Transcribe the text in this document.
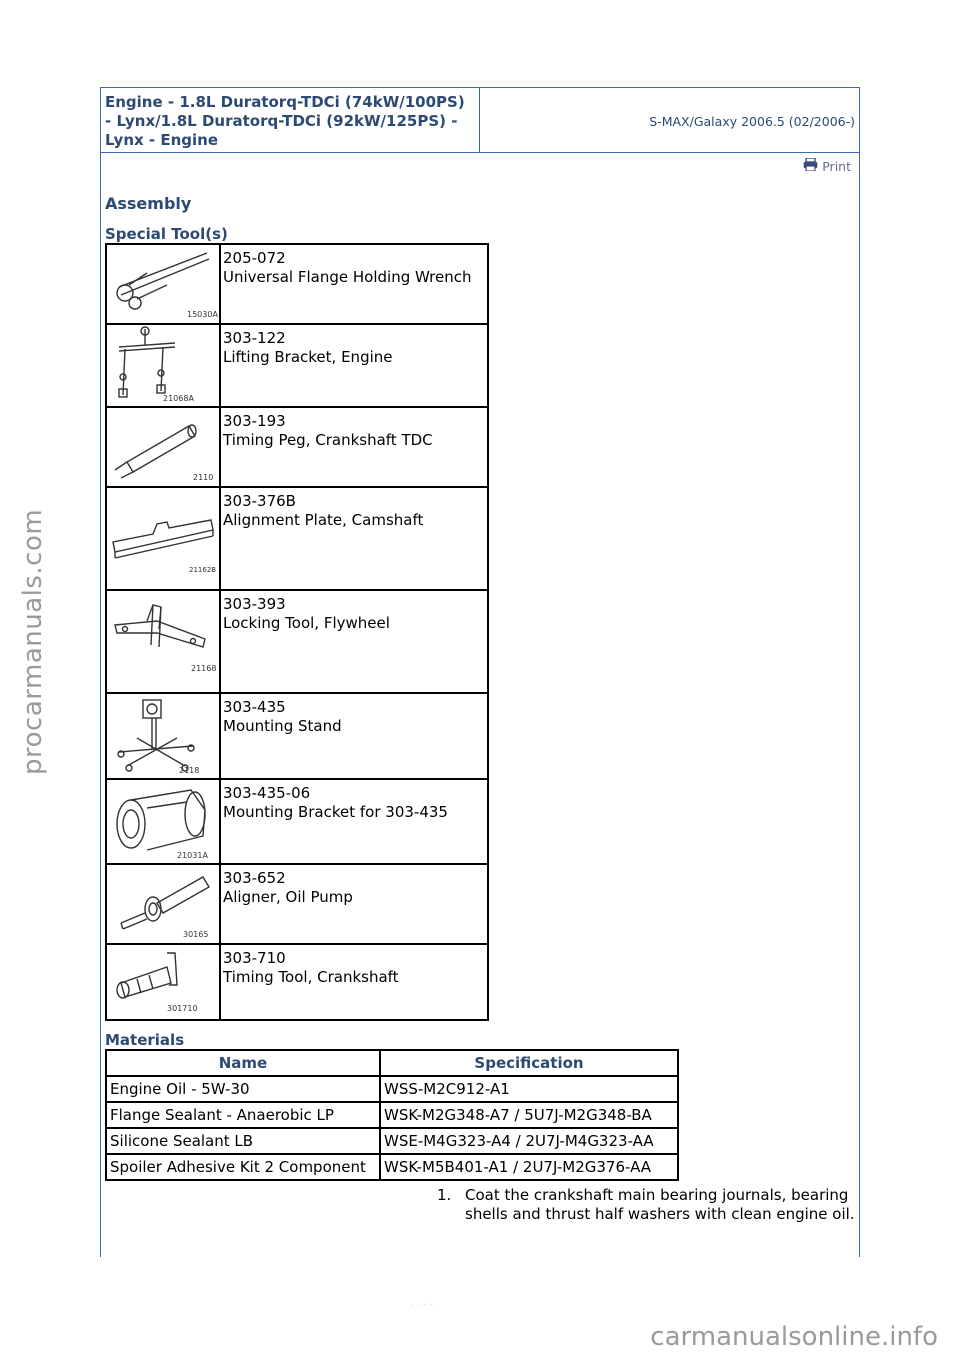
Engine - 1.8L Duratorq-TDCi (74kW/100PS) - Lynx/1.8L Duratorq-TDCi (92kW/125PS) - Lynx - Engine
S-MAX/Galaxy 2006.5 (02/2006-)
Print
Assembly
Special Tool(s)
15030A	205-072
Universal Flange Holding Wrench

21068A	303-122
Lifting Bracket, Engine

2110	303-193
Timing Peg, Crankshaft TDC

21162B	303-376B
Alignment Plate, Camshaft

21168	303-393
Locking Tool, Flywheel

2118	303-435
Mounting Stand

21031A	303-435-06
Mounting Bracket for 303-435

30165	303-652
Aligner, Oil Pump

301710	303-710
Timing Tool, Crankshaft
Materials
Name	Specification
Engine Oil - 5W-30	WSS-M2C912-A1
Flange Sealant - Anaerobic LP	WSK-M2G348-A7 / 5U7J-M2G348-BA
Silicone Sealant LB	WSE-M4G323-A4 / 2U7J-M4G323-AA
Spoiler Adhesive Kit 2 Component	WSK-M5B401-A1 / 2U7J-M2G376-AA
1. Coat the crankshaft main bearing journals, bearing shells and thrust half washers with clean engine oil.
· · · · ·
procarmanuals.com
carmanualsonline.info
